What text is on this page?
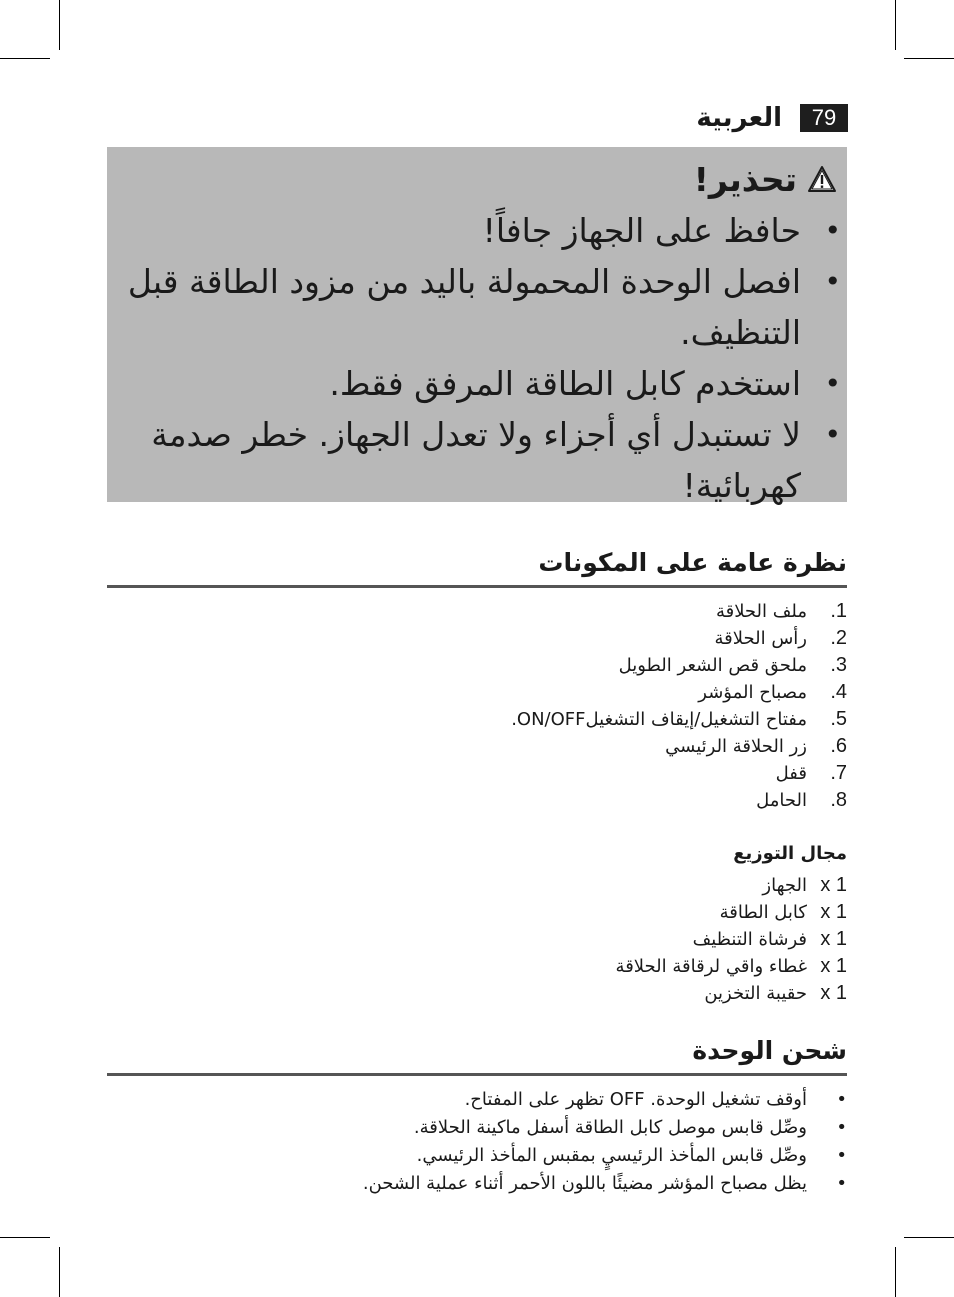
79
العربية
تحذير!
• حافظ على الجهاز جافاً!
• افصل الوحدة المحمولة باليد من مزود الطاقة قبل التنظيف.
• استخدم كابل الطاقة المرفق فقط.
• لا تستبدل أي أجزاء ولا تعدل الجهاز. خطر صدمة كهربائية!
نظرة عامة على المكونات
1.
ملف الحلاقة
2.
رأس الحلاقة
3.
ملحق قص الشعر الطويل
4.
مصباح المؤشر
5.
مفتاح التشغيل/إيقاف التشغيلON/OFF.
6.
زر الحلاقة الرئيسي
7.
قفل
8.
الحامل
مجال التوزيع
1 x
الجهاز
1 x
كابل الطاقة
1 x
فرشاة التنظيف
1 x
غطاء واقي لرقاقة الحلاقة
1 x
حقيبة التخزين
شحن الوحدة
• أوقف تشغيل الوحدة. OFF تظهر على المفتاح.
• وصِّل قابس موصل كابل الطاقة أسفل ماكينة الحلاقة.
• وصِّل قابس المأخذ الرئيسيٍ بمقبس المأخذ الرئيسي.
• يظل مصباح المؤشر مضيئًا باللون الأحمر أثناء عملية الشحن.
